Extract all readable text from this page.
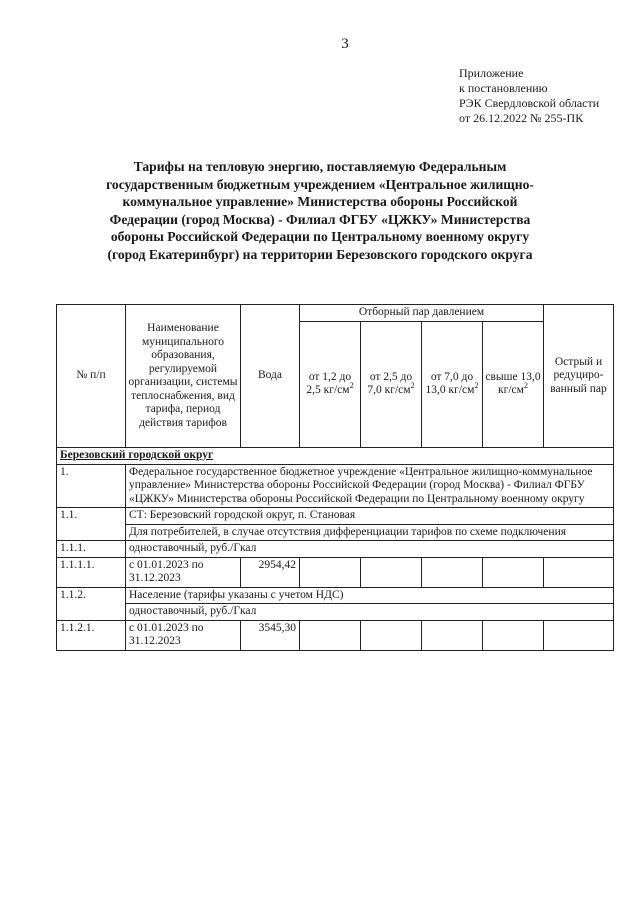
3
Приложение
к постановлению
РЭК Свердловской области
от 26.12.2022 № 255-ПК
Тарифы на тепловую энергию, поставляемую Федеральным государственным бюджетным учреждением «Центральное жилищно-коммунальное управление» Министерства обороны Российской Федерации (город Москва) - Филиал ФГБУ «ЦЖКУ» Министерства обороны Российской Федерации по Центральному военному округу (город Екатеринбург) на территории Березовского городского округа
№ п/п	Наименование муниципального образования, регулируемой организации, системы теплоснабжения, вид тарифа, период действия тарифов	Вода	Отборный пар давлением				Острый и редуциро-ванный пар
			от 1,2 до 2,5 $кг/см^2$	от 2,5 до 7,0 $кг/см^2$	от 7,0 до 13,0 $кг/см^2$	свыше 13,0 $кг/см^2$
Березовский городской округ							
1.	Федеральное государственное бюджетное учреждение «Центральное жилищно-коммунальное управление» Министерства обороны Российской Федерации (город Москва) - Филиал ФГБУ «ЦЖКУ» Министерства обороны Российской Федерации по Центральному военному округу						
1.1.	СТ: Березовский городской округ, п. Становая						
	Для потребителей, в случае отсутствия дифференциации тарифов по схеме подключения						
1.1.1.	одноставочный, руб./Гкал						
1.1.1.1.	с 01.01.2023 по 31.12.2023	2954,42					
1.1.2.	Население (тарифы указаны с учетом НДС)						
	одноставочный, руб./Гкал						
1.1.2.1.	с 01.01.2023 по 31.12.2023	3545,30					
